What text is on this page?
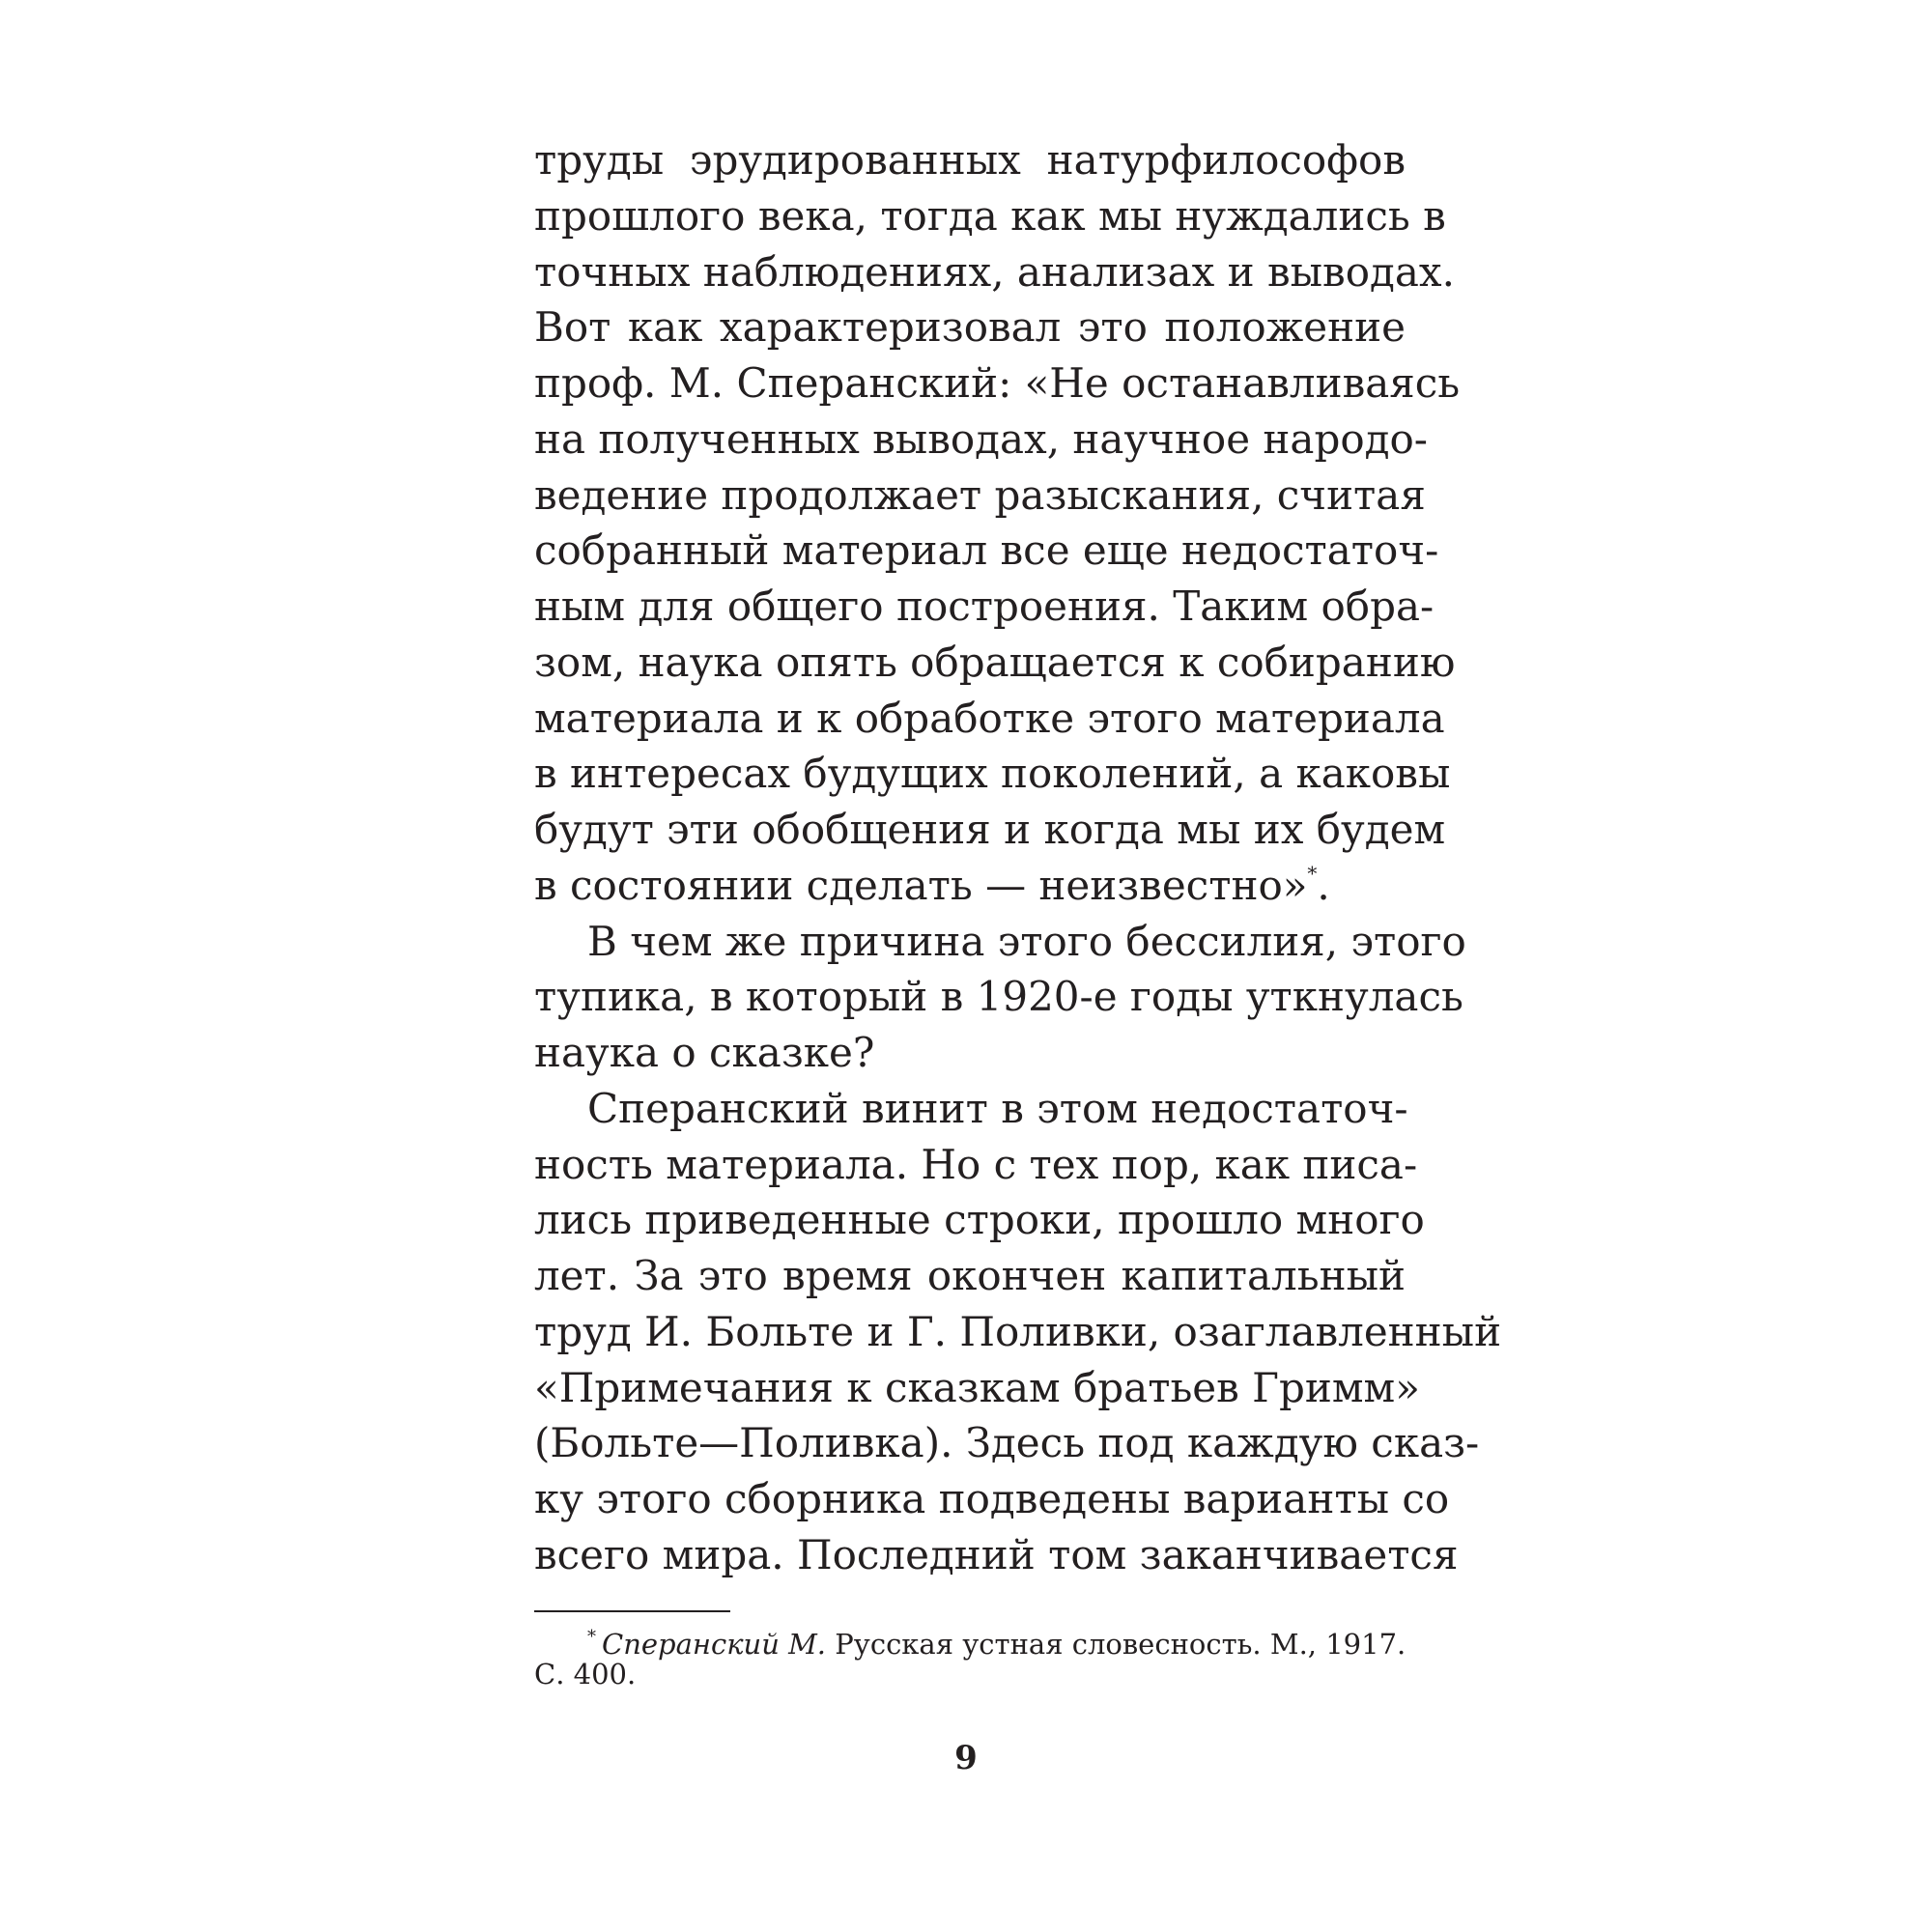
труды эрудированных натурфилософов
прошлого века, тогда как мы нуждались в
точных наблюдениях, анализах и выводах.
Вот как характеризовал это положение
проф. М. Сперанский: «Не останавливаясь
на полученных выводах, научное народо-
ведение продолжает разыскания, считая
собранный материал все еще недостаточ-
ным для общего построения. Таким обра-
зом, наука опять обращается к собиранию
материала и к обработке этого материала
в интересах будущих поколений, а каковы
будут эти обобщения и когда мы их будем
в состоянии сделать — неизвестно»*.
В чем же причина этого бессилия, этого
тупика, в который в 1920-е годы уткнулась
наука о сказке?
Сперанский винит в этом недостаточ-
ность материала. Но с тех пор, как писа-
лись приведенные строки, прошло много
лет. За это время окончен капитальный
труд И. Больте и Г. Поливки, озаглавленный
«Примечания к сказкам братьев Гримм»
(Больте—Поливка). Здесь под каждую сказ-
ку этого сборника подведены варианты со
всего мира. Последний том заканчивается
* Сперанский М. Русская устная словесность. М., 1917.
С. 400.
9
